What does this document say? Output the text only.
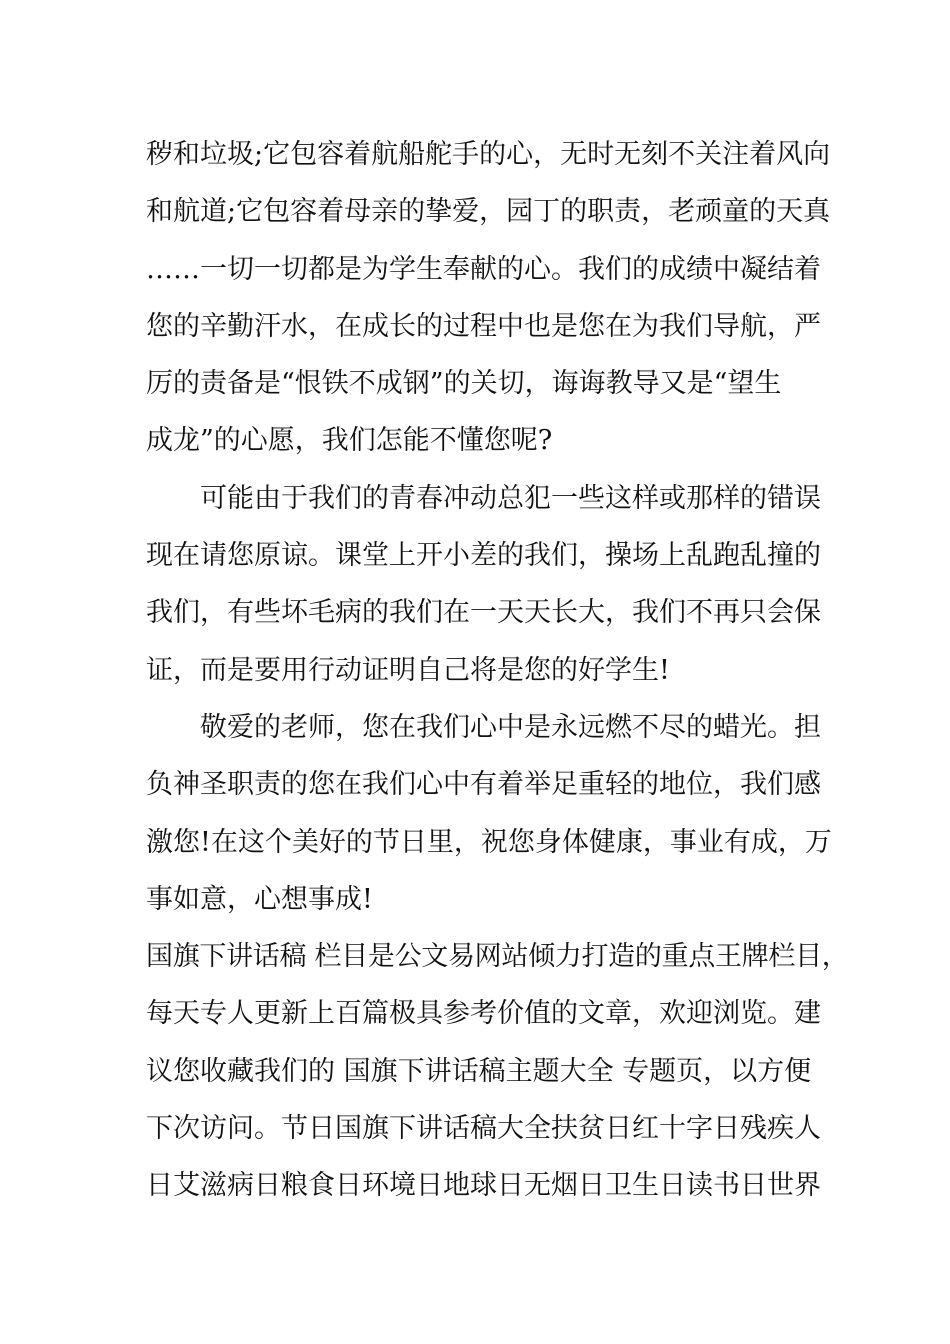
秽和垃圾;它包容着航船舵手的心，无时无刻不关注着风向
和航道;它包容着母亲的挚爱，园丁的职责，老顽童的天真
……一切一切都是为学生奉献的心。我们的成绩中凝结着
您的辛勤汗水，在成长的过程中也是您在为我们导航，严
厉的责备是“恨铁不成钢”的关切，诲诲教导又是“望生
成龙”的心愿，我们怎能不懂您呢?
可能由于我们的青春冲动总犯一些这样或那样的错误
现在请您原谅。课堂上开小差的我们，操场上乱跑乱撞的
我们，有些坏毛病的我们在一天天长大，我们不再只会保
证，而是要用行动证明自己将是您的好学生!
敬爱的老师，您在我们心中是永远燃不尽的蜡光。担
负神圣职责的您在我们心中有着举足重轻的地位，我们感
激您!在这个美好的节日里，祝您身体健康，事业有成，万
事如意，心想事成!
国旗下讲话稿 栏目是公文易网站倾力打造的重点王牌栏目，
每天专人更新上百篇极具参考价值的文章，欢迎浏览。建
议您收藏我们的 国旗下讲话稿主题大全 专题页，以方便
下次访问。节日国旗下讲话稿大全扶贫日红十字日残疾人
日艾滋病日粮食日环境日地球日无烟日卫生日读书日世界
